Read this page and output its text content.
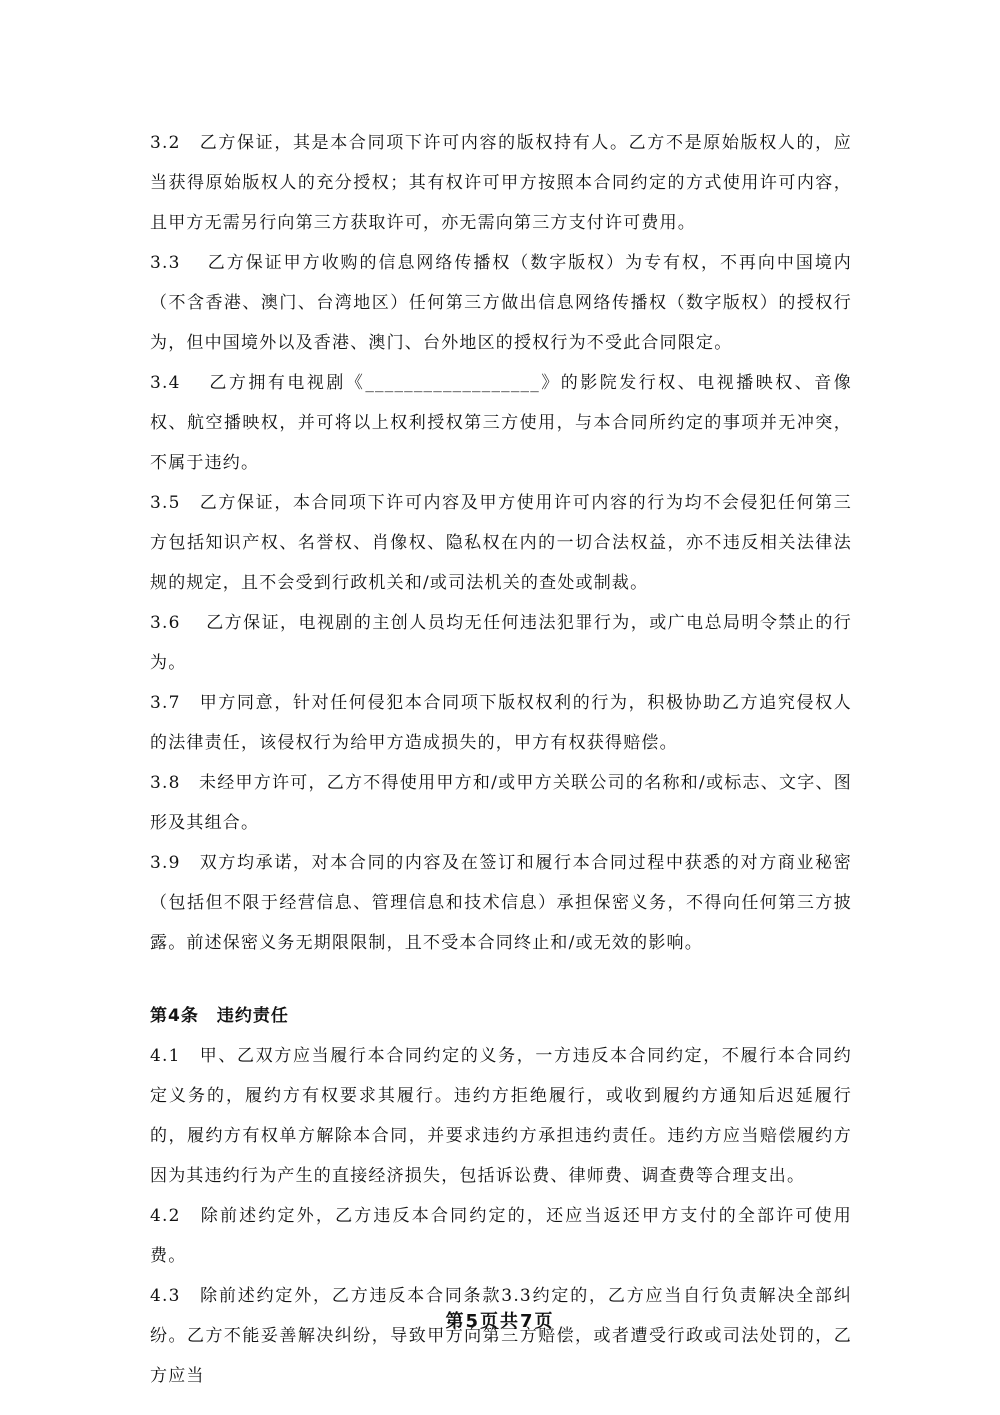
3.2　乙方保证，其是本合同项下许可内容的版权持有人。乙方不是原始版权人的，应当获得原始版权人的充分授权；其有权许可甲方按照本合同约定的方式使用许可内容，且甲方无需另行向第三方获取许可，亦无需向第三方支付许可费用。

3.3　 乙方保证甲方收购的信息网络传播权（数字版权）为专有权，不再向中国境内（不含香港、澳门、台湾地区）任何第三方做出信息网络传播权（数字版权）的授权行为，但中国境外以及香港、澳门、台外地区的授权行为不受此合同限定。

3.4　 乙方拥有电视剧《__________________》的影院发行权、电视播映权、音像权、航空播映权，并可将以上权利授权第三方使用，与本合同所约定的事项并无冲突，不属于违约。

3.5　乙方保证，本合同项下许可内容及甲方使用许可内容的行为均不会侵犯任何第三方包括知识产权、名誉权、肖像权、隐私权在内的一切合法权益，亦不违反相关法律法规的规定，且不会受到行政机关和/或司法机关的查处或制裁。

3.6　 乙方保证，电视剧的主创人员均无任何违法犯罪行为，或广电总局明令禁止的行为。

3.7　甲方同意，针对任何侵犯本合同项下版权权利的行为，积极协助乙方追究侵权人的法律责任，该侵权行为给甲方造成损失的，甲方有权获得赔偿。

3.8　未经甲方许可，乙方不得使用甲方和/或甲方关联公司的名称和/或标志、文字、图形及其组合。

3.9　双方均承诺，对本合同的内容及在签订和履行本合同过程中获悉的对方商业秘密（包括但不限于经营信息、管理信息和技术信息）承担保密义务，不得向任何第三方披露。前述保密义务无期限限制，且不受本合同终止和/或无效的影响。

第4条 违约责任

4.1　甲、乙双方应当履行本合同约定的义务，一方违反本合同约定，不履行本合同约定义务的，履约方有权要求其履行。违约方拒绝履行，或收到履约方通知后迟延履行的，履约方有权单方解除本合同，并要求违约方承担违约责任。违约方应当赔偿履约方因为其违约行为产生的直接经济损失，包括诉讼费、律师费、调查费等合理支出。

4.2　除前述约定外，乙方违反本合同约定的，还应当返还甲方支付的全部许可使用费。

4.3　除前述约定外，乙方违反本合同条款3.3约定的，乙方应当自行负责解决全部纠纷。乙方不能妥善解决纠纷，导致甲方向第三方赔偿，或者遭受行政或司法处罚的，乙方应当

第5页共7页
